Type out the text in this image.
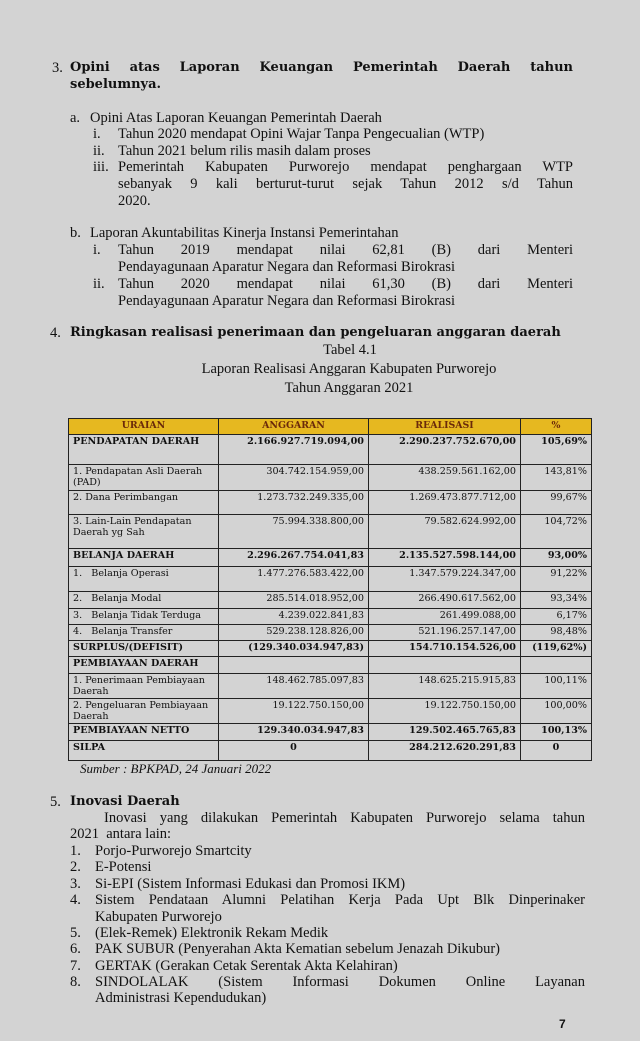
3. Opini atas Laporan Keuangan Pemerintah Daerah tahun
sebelumnya.
a. Opini Atas Laporan Keuangan Pemerintah Daerah
i. Tahun 2020 mendapat Opini Wajar Tanpa Pengecualian (WTP)
ii. Tahun 2021 belum rilis masih dalam proses
iii. Pemerintah Kabupaten Purworejo mendapat penghargaan WTP
sebanyak 9 kali berturut-turut sejak Tahun 2012 s/d Tahun
2020.
b. Laporan Akuntabilitas Kinerja Instansi Pemerintahan
i. Tahun 2019 mendapat nilai 62,81 (B) dari Menteri
Pendayagunaan Aparatur Negara dan Reformasi Birokrasi
ii. Tahun 2020 mendapat nilai 61,30 (B) dari Menteri
Pendayagunaan Aparatur Negara dan Reformasi Birokrasi
4. Ringkasan realisasi penerimaan dan pengeluaran anggaran daerah
Tabel 4.1
Laporan Realisasi Anggaran Kabupaten Purworejo
Tahun Anggaran 2021
URAIAN	ANGGARAN	REALISASI	%
PENDAPATAN DAERAH	2.166.927.719.094,00	2.290.237.752.670,00	105,69%
1. Pendapatan Asli Daerah (PAD)	304.742.154.959,00	438.259.561.162,00	143,81%
2. Dana Perimbangan	1.273.732.249.335,00	1.269.473.877.712,00	99,67%
3. Lain-Lain Pendapatan Daerah yg Sah	75.994.338.800,00	79.582.624.992,00	104,72%
BELANJA DAERAH	2.296.267.754.041,83	2.135.527.598.144,00	93,00%
1.   Belanja Operasi	1.477.276.583.422,00	1.347.579.224.347,00	91,22%
2.   Belanja Modal	285.514.018.952,00	266.490.617.562,00	93,34%
3.   Belanja Tidak Terduga	4.239.022.841,83	261.499.088,00	6,17%
4.   Belanja Transfer	529.238.128.826,00	521.196.257.147,00	98,48%
SURPLUS/(DEFISIT)	(129.340.034.947,83)	154.710.154.526,00	(119,62%)
PEMBIAYAAN DAERAH			
1. Penerimaan Pembiayaan Daerah	148.462.785.097,83	148.625.215.915,83	100,11%
2. Pengeluaran Pembiayaan Daerah	19.122.750.150,00	19.122.750.150,00	100,00%
PEMBIAYAAN NETTO	129.340.034.947,83	129.502.465.765,83	100,13%
SILPA	0	284.212.620.291,83	0
Sumber : BPKPAD, 24 Januari 2022
5. Inovasi Daerah
Inovasi yang dilakukan Pemerintah Kabupaten Purworejo selama tahun
2021  antara lain:
1. Porjo-Purworejo Smartcity
2. E-Potensi
3. Si-EPI (Sistem Informasi Edukasi dan Promosi IKM)
4. Sistem Pendataan Alumni Pelatihan Kerja Pada Upt Blk Dinperinaker
Kabupaten Purworejo
5. (Elek-Remek) Elektronik Rekam Medik
6. PAK SUBUR (Penyerahan Akta Kematian sebelum Jenazah Dikubur)
7. GERTAK (Gerakan Cetak Serentak Akta Kelahiran)
8. SINDOLALAK (Sistem Informasi Dokumen Online Layanan
Administrasi Kependudukan)
7
